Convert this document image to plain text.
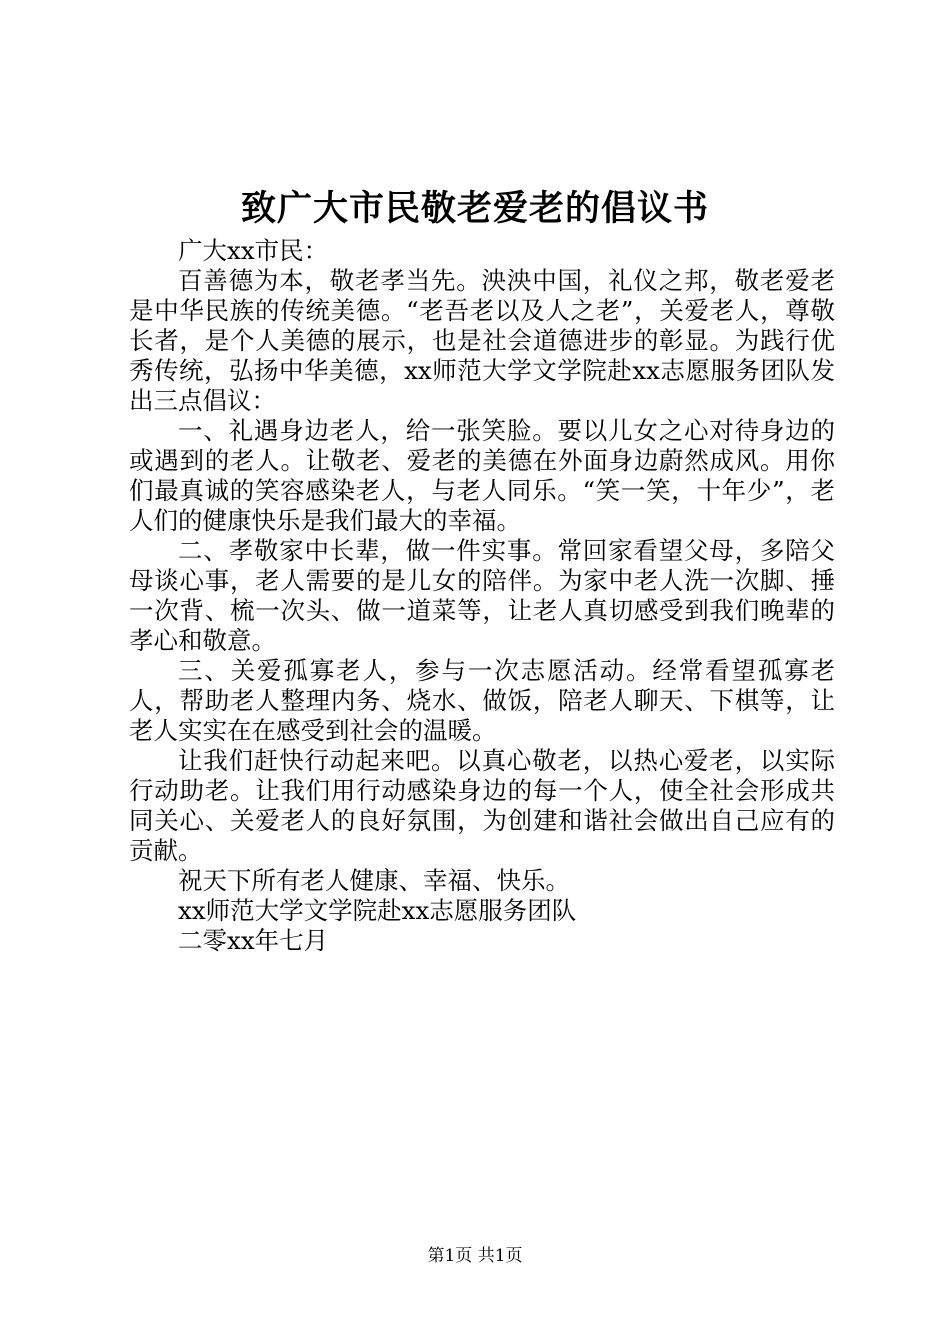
致广大市民敬老爱老的倡议书

广大xx市民：

百善德为本，敬老孝当先。泱泱中国，礼仪之邦，敬老爱老是中华民族的传统美德。“老吾老以及人之老”，关爱老人，尊敬长者，是个人美德的展示，也是社会道德进步的彰显。为践行优秀传统，弘扬中华美德，xx师范大学文学院赴xx志愿服务团队发出三点倡议：

一、礼遇身边老人，给一张笑脸。要以儿女之心对待身边的或遇到的老人。让敬老、爱老的美德在外面身边蔚然成风。用你们最真诚的笑容感染老人，与老人同乐。“笑一笑，十年少”，老人们的健康快乐是我们最大的幸福。

二、孝敬家中长辈，做一件实事。常回家看望父母，多陪父母谈心事，老人需要的是儿女的陪伴。为家中老人洗一次脚、捶一次背、梳一次头、做一道菜等，让老人真切感受到我们晚辈的孝心和敬意。

三、关爱孤寡老人，参与一次志愿活动。经常看望孤寡老人，帮助老人整理内务、烧水、做饭，陪老人聊天、下棋等，让老人实实在在感受到社会的温暖。

让我们赶快行动起来吧。以真心敬老，以热心爱老，以实际行动助老。让我们用行动感染身边的每一个人，使全社会形成共同关心、关爱老人的良好氛围，为创建和谐社会做出自己应有的贡献。

祝天下所有老人健康、幸福、快乐。

xx师范大学文学院赴xx志愿服务团队

二零xx年七月

第1页 共1页
